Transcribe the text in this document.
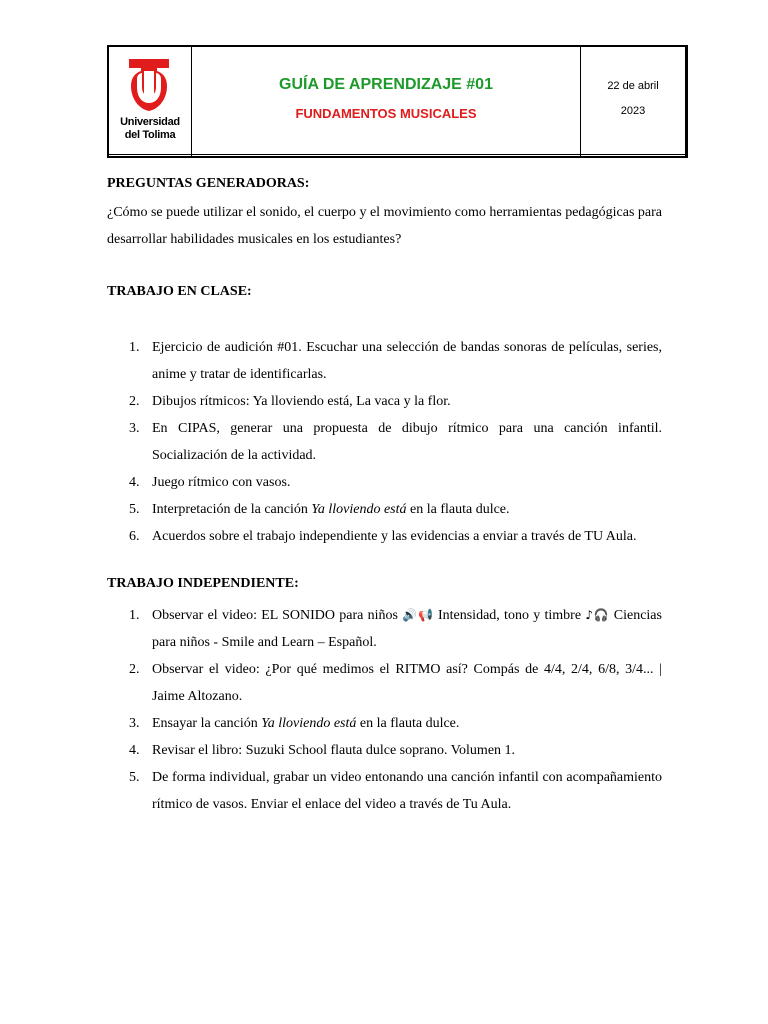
Universidad
del Tolima
GUÍA DE APRENDIZAJE #01
FUNDAMENTOS MUSICALES
22 de abril
2023
PREGUNTAS GENERADORAS:
¿Cómo se puede utilizar el sonido, el cuerpo y el movimiento como herramientas pedagógicas para desarrollar habilidades musicales en los estudiantes?
TRABAJO EN CLASE:
1. Ejercicio de audición #01. Escuchar una selección de bandas sonoras de películas, series, anime y tratar de identificarlas.
2. Dibujos rítmicos: Ya lloviendo está, La vaca y la flor.
3. En CIPAS, generar una propuesta de dibujo rítmico para una canción infantil. Socialización de la actividad.
4. Juego rítmico con vasos.
5. Interpretación de la canción Ya lloviendo está en la flauta dulce.
6. Acuerdos sobre el trabajo independiente y las evidencias a enviar a través de TU Aula.
TRABAJO INDEPENDIENTE:
1. Observar el video: EL SONIDO para niños 🔊📢 Intensidad, tono y timbre ♪🎧 Ciencias para niños - Smile and Learn – Español.
2. Observar el video: ¿Por qué medimos el RITMO así? Compás de 4/4, 2/4, 6/8, 3/4... | Jaime Altozano.
3. Ensayar la canción Ya lloviendo está en la flauta dulce.
4. Revisar el libro: Suzuki School flauta dulce soprano. Volumen 1.
5. De forma individual, grabar un video entonando una canción infantil con acompañamiento rítmico de vasos. Enviar el enlace del video a través de Tu Aula.
